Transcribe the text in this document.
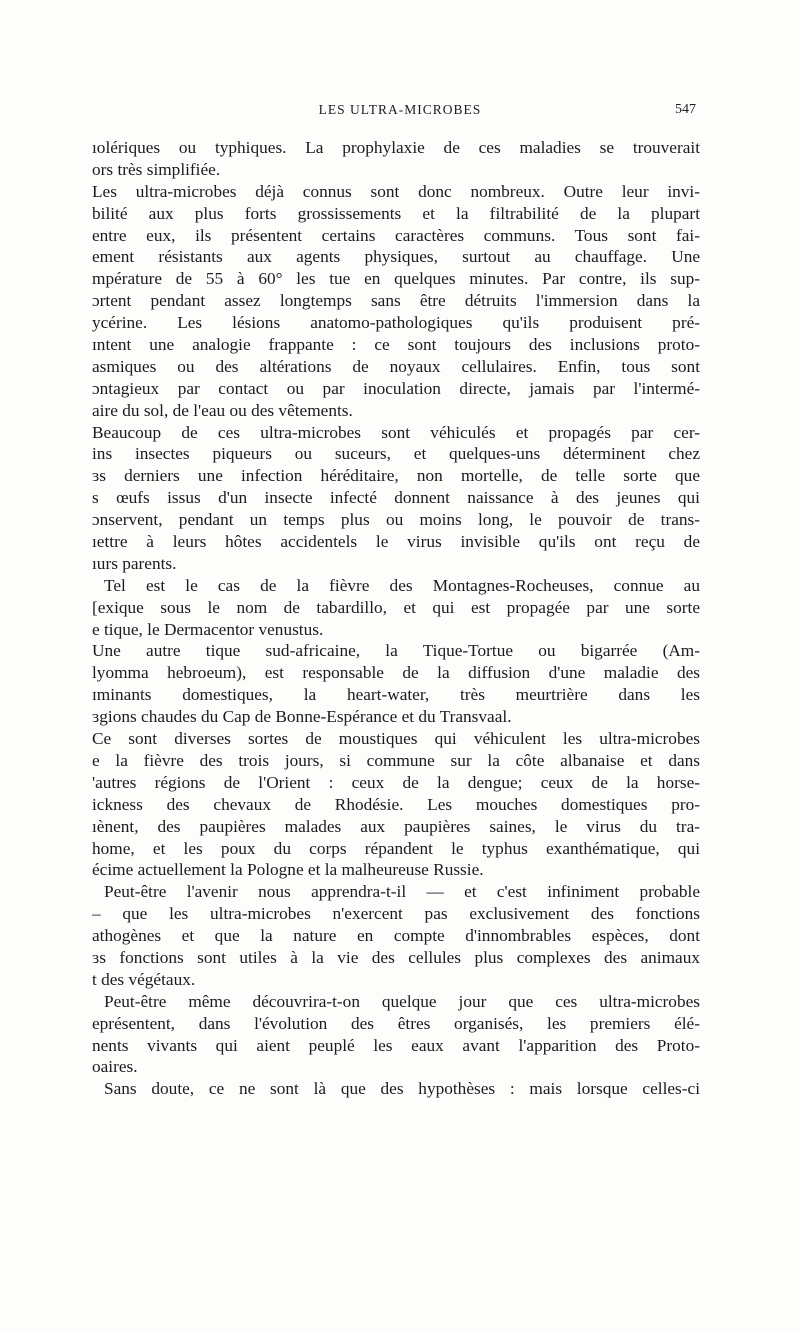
LES ULTRA-MICROBES	547
ıolériques ou typhiques. La prophylaxie de ces maladies se trouverait
ors très simplifiée.
Les ultra-microbes déjà connus sont donc nombreux. Outre leur invi-
bilité aux plus forts grossissements et la filtrabilité de la plupart
entre eux, ils présentent certains caractères communs. Tous sont fai-
ement résistants aux agents physiques, surtout au chauffage. Une
mpérature de 55 à 60° les tue en quelques minutes. Par contre, ils sup-
ɔrtent pendant assez longtemps sans être détruits l'immersion dans la
ycérine. Les lésions anatomo-pathologiques qu'ils produisent pré-
ɪntent une analogie frappante : ce sont toujours des inclusions proto-
asmiques ou des altérations de noyaux cellulaires. Enfin, tous sont
ɔntagieux par contact ou par inoculation directe, jamais par l'intermé-
aire du sol, de l'eau ou des vêtements.
Beaucoup de ces ultra-microbes sont véhiculés et propagés par cer-
ins insectes piqueurs ou suceurs, et quelques-uns déterminent chez
ɜs derniers une infection héréditaire, non mortelle, de telle sorte que
s œufs issus d'un insecte infecté donnent naissance à des jeunes qui
ɔnservent, pendant un temps plus ou moins long, le pouvoir de trans-
ıettre à leurs hôtes accidentels le virus invisible qu'ils ont reçu de
ıurs parents.
Tel est le cas de la fièvre des Montagnes-Rocheuses, connue au
[exique sous le nom de tabardillo, et qui est propagée par une sorte
e tique, le Dermacentor venustus.
Une autre tique sud-africaine, la Tique-Tortue ou bigarrée (Am-
lyomma hebroeum), est responsable de la diffusion d'une maladie des
ɪminants domestiques, la heart-water, très meurtrière dans les
ɜgions chaudes du Cap de Bonne-Espérance et du Transvaal.
Ce sont diverses sortes de moustiques qui véhiculent les ultra-microbes
e la fièvre des trois jours, si commune sur la côte albanaise et dans
'autres régions de l'Orient : ceux de la dengue; ceux de la horse-
ickness des chevaux de Rhodésie. Les mouches domestiques pro-
ıènent, des paupières malades aux paupières saines, le virus du tra-
home, et les poux du corps répandent le typhus exanthématique, qui
écime actuellement la Pologne et la malheureuse Russie.
Peut-être l'avenir nous apprendra-t-il — et c'est infiniment probable
– que les ultra-microbes n'exercent pas exclusivement des fonctions
athogènes et que la nature en compte d'innombrables espèces, dont
ɜs fonctions sont utiles à la vie des cellules plus complexes des animaux
t des végétaux.
Peut-être même découvrira-t-on quelque jour que ces ultra-microbes
eprésentent, dans l'évolution des êtres organisés, les premiers élé-
nents vivants qui aient peuplé les eaux avant l'apparition des Proto-
oaires.
Sans doute, ce ne sont là que des hypothèses : mais lorsque celles-ci
